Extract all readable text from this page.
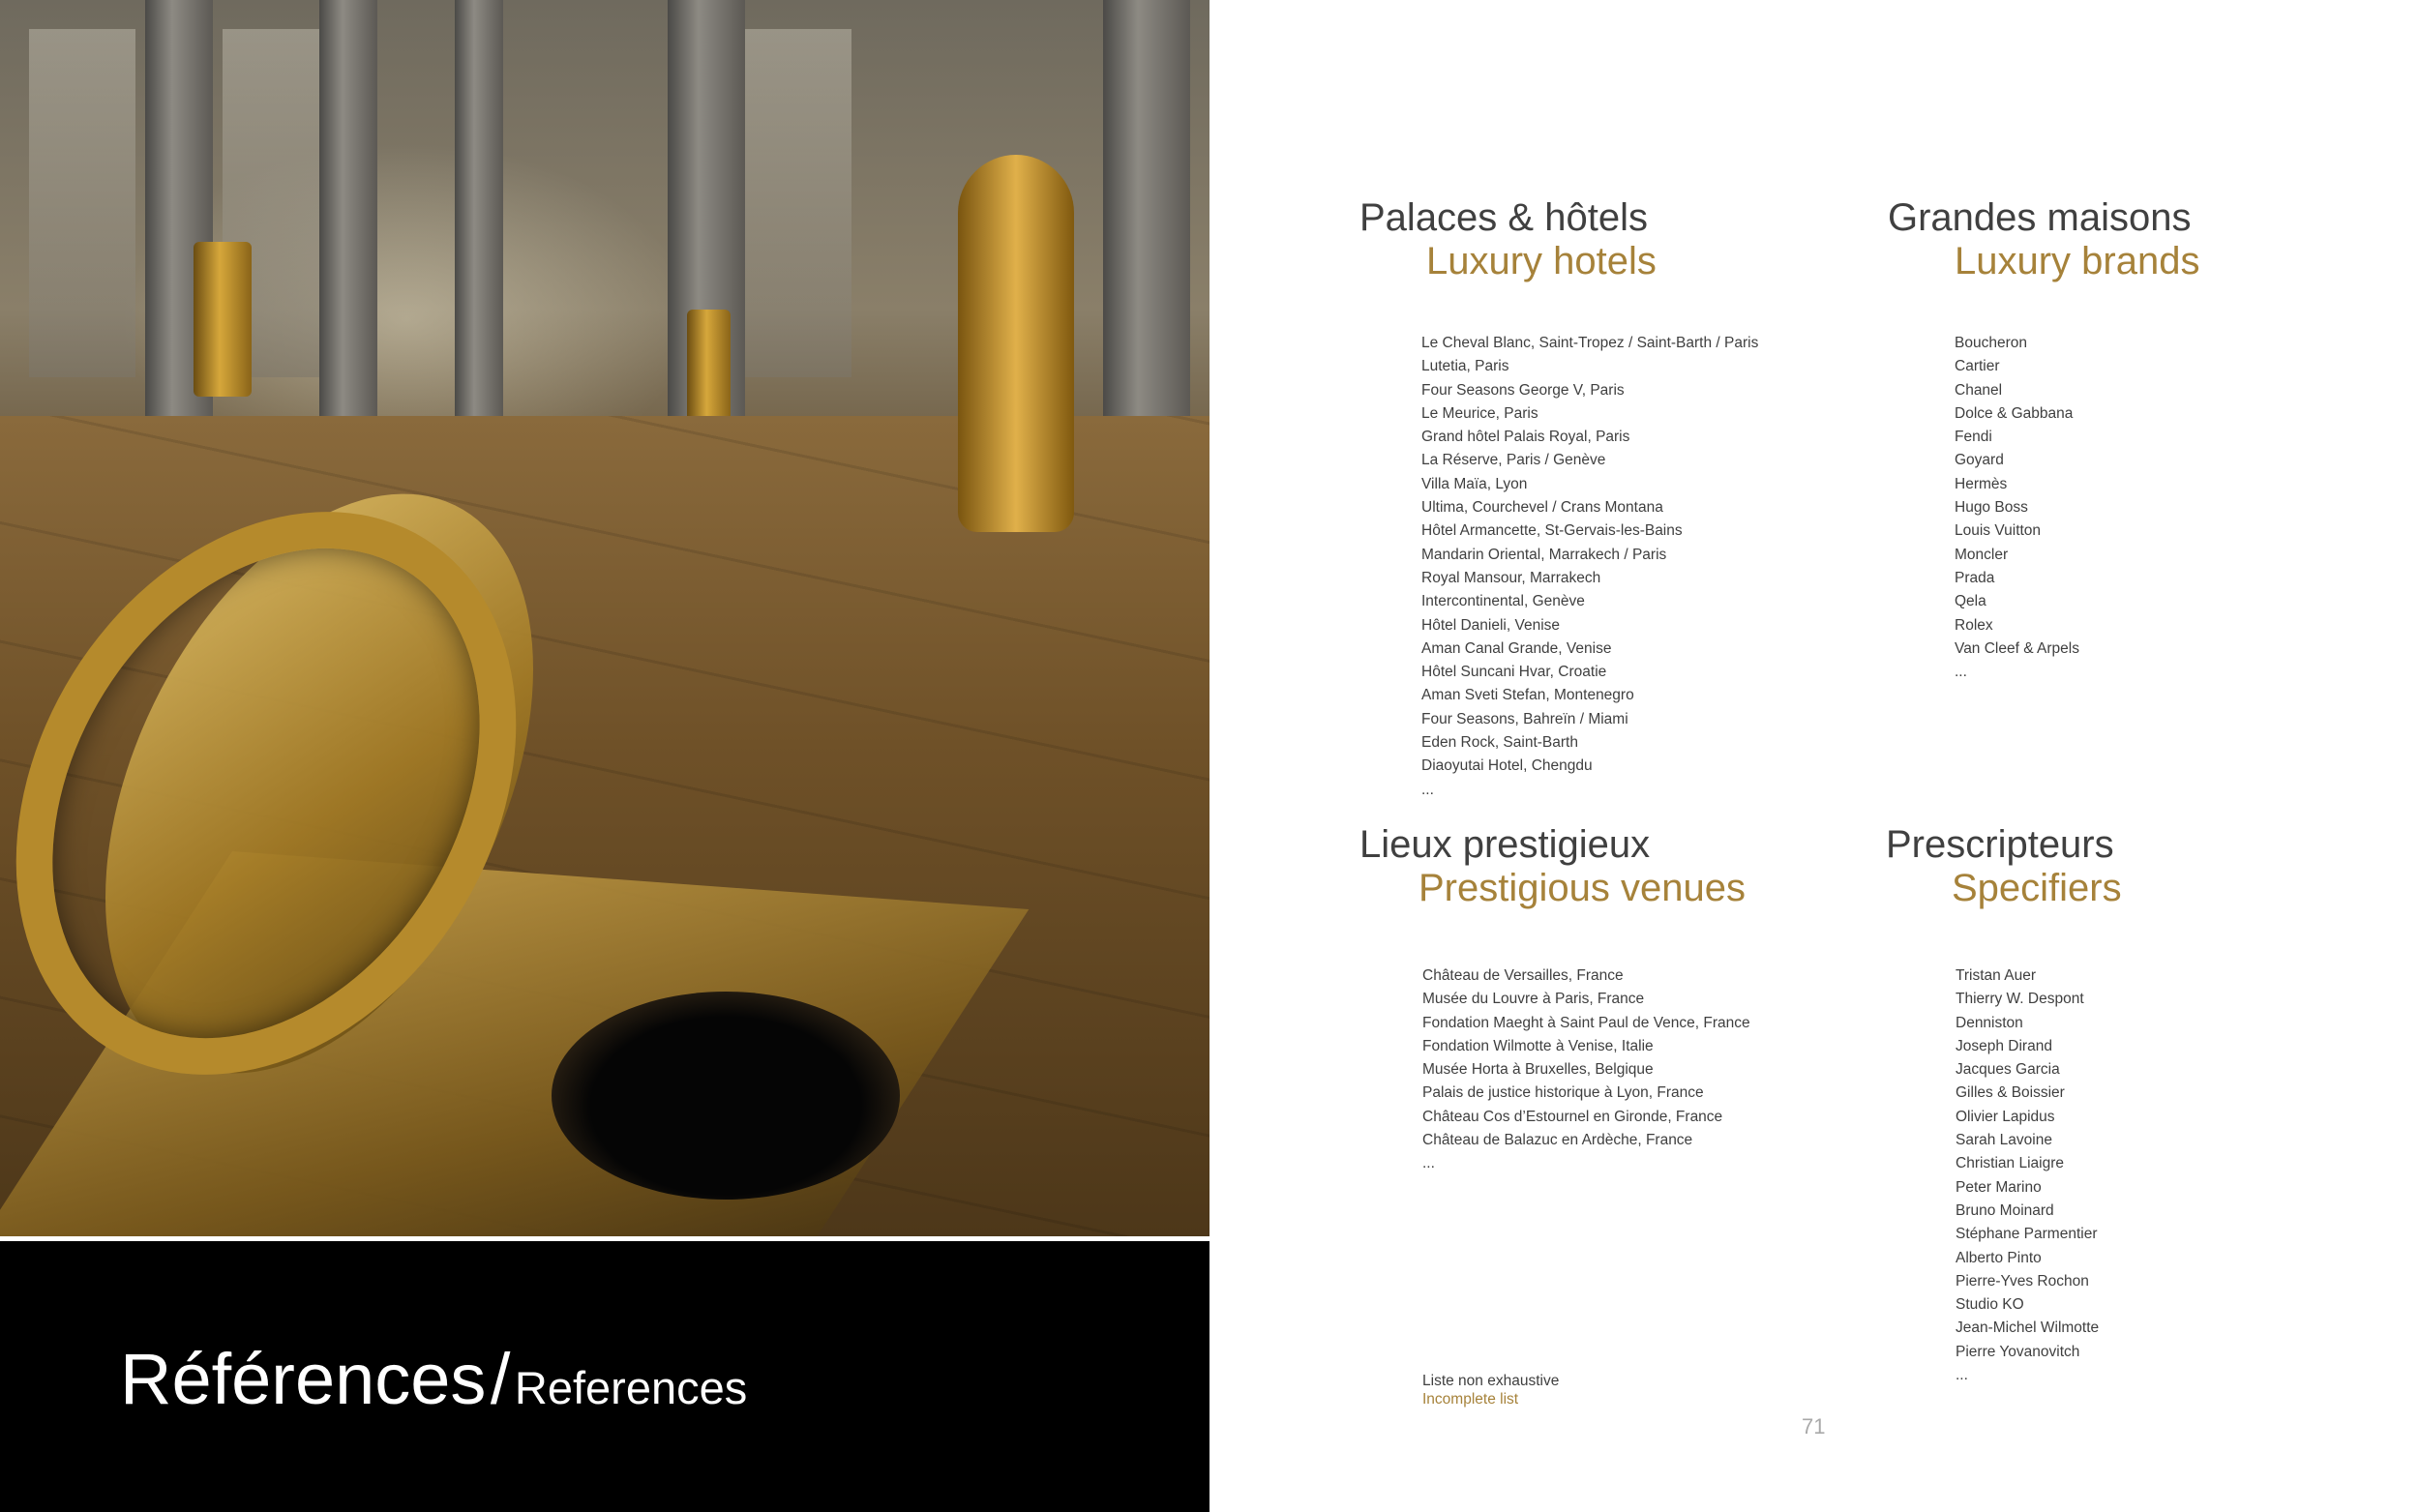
Références / References
Palaces & hôtels
Luxury hotels
Le Cheval Blanc, Saint-Tropez / Saint-Barth / Paris
Lutetia, Paris
Four Seasons George V, Paris
Le Meurice, Paris
Grand hôtel Palais Royal, Paris
La Réserve, Paris / Genève
Villa Maïa, Lyon
Ultima, Courchevel / Crans Montana
Hôtel Armancette, St-Gervais-les-Bains
Mandarin Oriental, Marrakech / Paris
Royal Mansour, Marrakech
Intercontinental, Genève
Hôtel Danieli, Venise
Aman Canal Grande, Venise
Hôtel Suncani Hvar, Croatie
Aman Sveti Stefan, Montenegro
Four Seasons, Bahreïn / Miami
Eden Rock, Saint-Barth
Diaoyutai Hotel, Chengdu
...
Grandes maisons
Luxury brands
Boucheron
Cartier
Chanel
Dolce & Gabbana
Fendi
Goyard
Hermès
Hugo Boss
Louis Vuitton
Moncler
Prada
Qela
Rolex
Van Cleef & Arpels
...
Lieux prestigieux
Prestigious venues
Château de Versailles, France
Musée du Louvre à Paris, France
Fondation Maeght à Saint Paul de Vence, France
Fondation Wilmotte à Venise, Italie
Musée Horta à Bruxelles, Belgique
Palais de justice historique à Lyon, France
Château Cos d’Estournel en Gironde, France
Château de Balazuc en Ardèche, France
...
Prescripteurs
Specifiers
Tristan Auer
Thierry W. Despont
Denniston
Joseph Dirand
Jacques Garcia
Gilles & Boissier
Olivier Lapidus
Sarah Lavoine
Christian Liaigre
Peter Marino
Bruno Moinard
Stéphane Parmentier
Alberto Pinto
Pierre-Yves Rochon
Studio KO
Jean-Michel Wilmotte
Pierre Yovanovitch
...
Liste non exhaustive
Incomplete list
71
